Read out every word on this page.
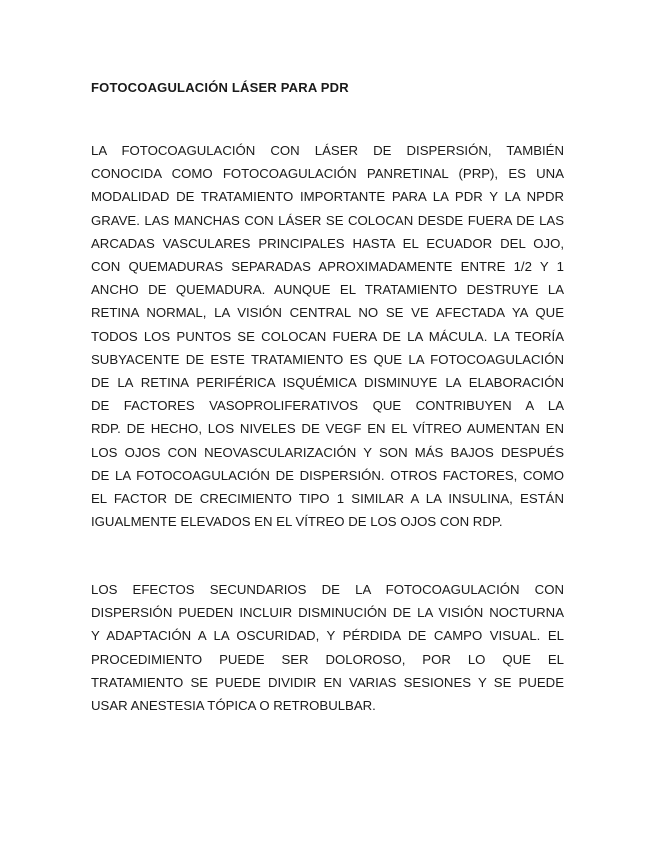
FOTOCOAGULACIÓN LÁSER PARA PDR

LA FOTOCOAGULACIÓN CON LÁSER DE DISPERSIÓN, TAMBIÉN
CONOCIDA COMO FOTOCOAGULACIÓN PANRETINAL (PRP), ES UNA
MODALIDAD DE TRATAMIENTO IMPORTANTE PARA LA PDR Y LA NPDR
GRAVE. LAS MANCHAS CON LÁSER SE COLOCAN DESDE FUERA DE LAS
ARCADAS VASCULARES PRINCIPALES HASTA EL ECUADOR DEL OJO,
CON QUEMADURAS SEPARADAS APROXIMADAMENTE ENTRE 1/2 Y 1
ANCHO DE QUEMADURA. AUNQUE EL TRATAMIENTO DESTRUYE LA
RETINA NORMAL, LA VISIÓN CENTRAL NO SE VE AFECTADA YA QUE
TODOS LOS PUNTOS SE COLOCAN FUERA DE LA MÁCULA. LA TEORÍA
SUBYACENTE DE ESTE TRATAMIENTO ES QUE LA FOTOCOAGULACIÓN
DE LA RETINA PERIFÉRICA ISQUÉMICA DISMINUYE LA ELABORACIÓN
DE FACTORES VASOPROLIFERATIVOS QUE CONTRIBUYEN A LA
RDP. DE HECHO, LOS NIVELES DE VEGF EN EL VÍTREO AUMENTAN EN
LOS OJOS CON NEOVASCULARIZACIÓN Y SON MÁS BAJOS DESPUÉS
DE LA FOTOCOAGULACIÓN DE DISPERSIÓN. OTROS FACTORES, COMO
EL FACTOR DE CRECIMIENTO TIPO 1 SIMILAR A LA INSULINA, ESTÁN
IGUALMENTE ELEVADOS EN EL VÍTREO DE LOS OJOS CON RDP.

LOS EFECTOS SECUNDARIOS DE LA FOTOCOAGULACIÓN CON
DISPERSIÓN PUEDEN INCLUIR DISMINUCIÓN DE LA VISIÓN NOCTURNA
Y ADAPTACIÓN A LA OSCURIDAD, Y PÉRDIDA DE CAMPO VISUAL. EL
PROCEDIMIENTO PUEDE SER DOLOROSO, POR LO QUE EL
TRATAMIENTO SE PUEDE DIVIDIR EN VARIAS SESIONES Y SE PUEDE
USAR ANESTESIA TÓPICA O RETROBULBAR.
